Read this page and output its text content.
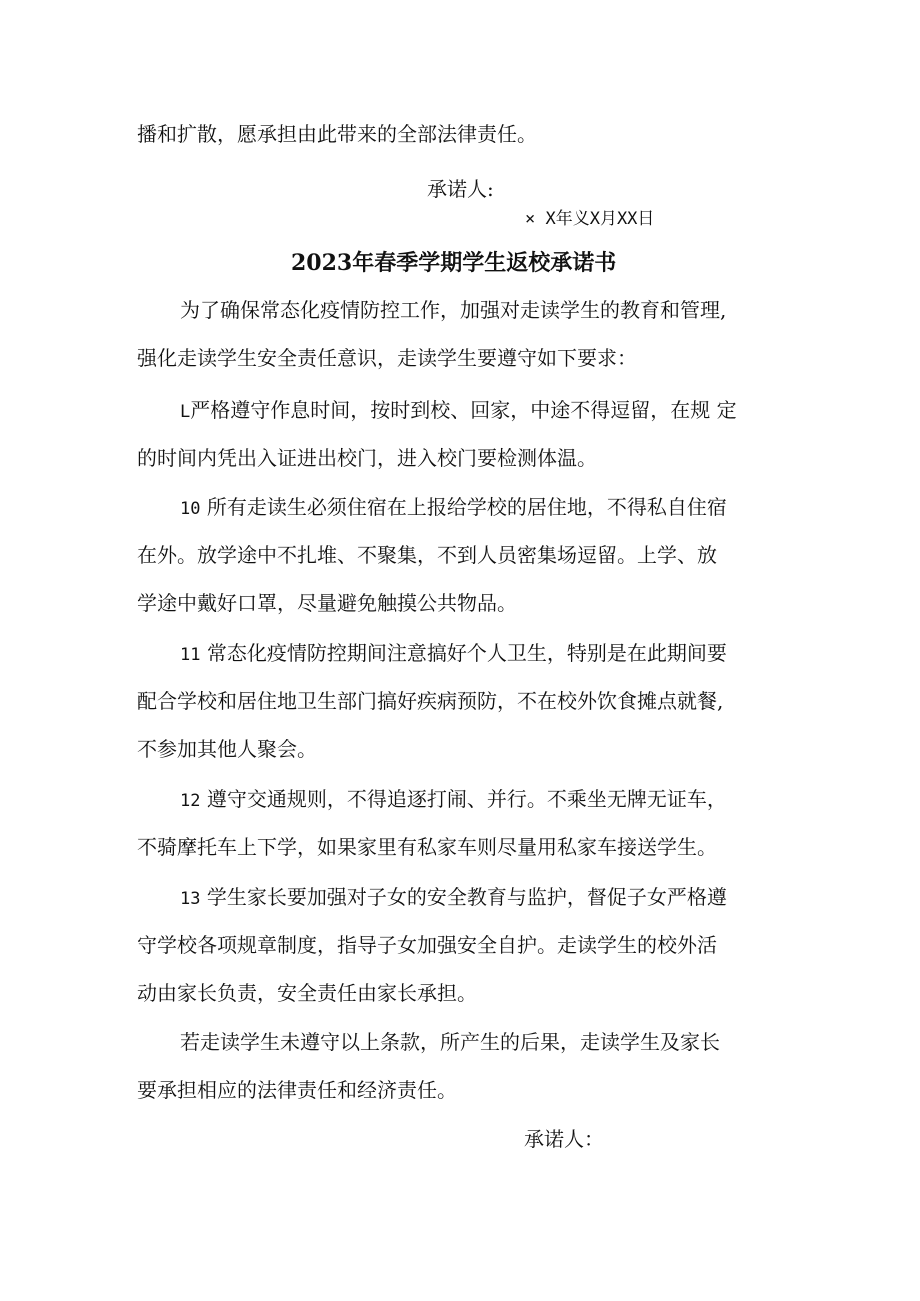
播和扩散，愿承担由此带来的全部法律责任。
承诺人:
× X年义X月XX日
2023年春季学期学生返校承诺书
为了确保常态化疫情防控工作，加强对走读学生的教育和管理,
强化走读学生安全责任意识，走读学生要遵守如下要求：
L严格遵守作息时间，按时到校、回家，中途不得逗留，在规 定
的时间内凭出入证进出校门，进入校门要检测体温。
10 所有走读生必须住宿在上报给学校的居住地，不得私自住宿
在外。放学途中不扎堆、不聚集，不到人员密集场逗留。上学、放
学途中戴好口罩，尽量避免触摸公共物品。
11 常态化疫情防控期间注意搞好个人卫生，特别是在此期间要
配合学校和居住地卫生部门搞好疾病预防，不在校外饮食摊点就餐,
不参加其他人聚会。
12 遵守交通规则，不得追逐打闹、并行。不乘坐无牌无证车，
不骑摩托车上下学，如果家里有私家车则尽量用私家车接送学生。
13 学生家长要加强对子女的安全教育与监护，督促子女严格遵
守学校各项规章制度，指导子女加强安全自护。走读学生的校外活
动由家长负责，安全责任由家长承担。
若走读学生未遵守以上条款，所产生的后果，走读学生及家长
要承担相应的法律责任和经济责任。
承诺人：
